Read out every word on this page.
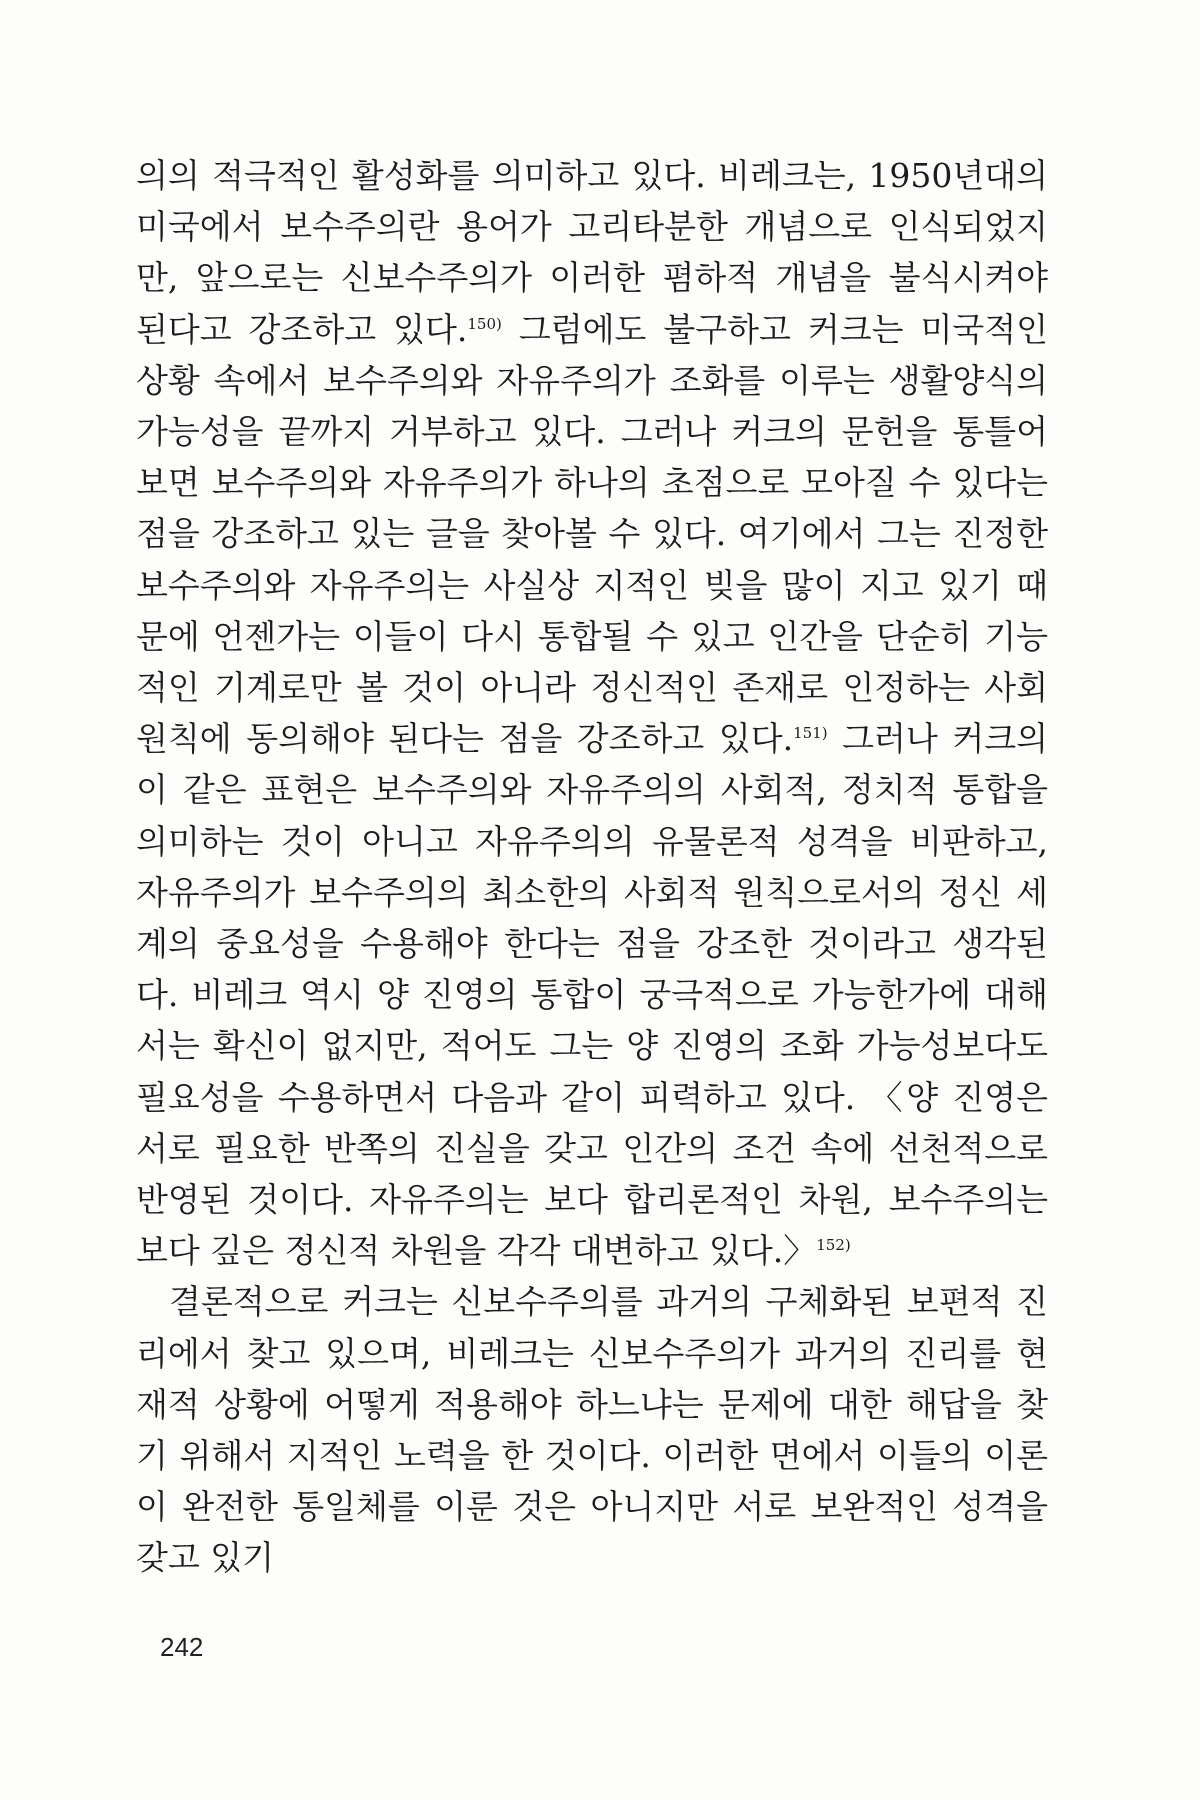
의의 적극적인 활성화를 의미하고 있다. 비레크는, 1950년대의 미국에서 보수주의란 용어가 고리타분한 개념으로 인식되었지만, 앞으로는 신보수주의가 이러한 폄하적 개념을 불식시켜야 된다고 강조하고 있다.$^{150)}$ 그럼에도 불구하고 커크는 미국적인 상황 속에서 보수주의와 자유주의가 조화를 이루는 생활양식의 가능성을 끝까지 거부하고 있다. 그러나 커크의 문헌을 통틀어 보면 보수주의와 자유주의가 하나의 초점으로 모아질 수 있다는 점을 강조하고 있는 글을 찾아볼 수 있다. 여기에서 그는 진정한 보수주의와 자유주의는 사실상 지적인 빚을 많이 지고 있기 때문에 언젠가는 이들이 다시 통합될 수 있고 인간을 단순히 기능적인 기계로만 볼 것이 아니라 정신적인 존재로 인정하는 사회 원칙에 동의해야 된다는 점을 강조하고 있다.$^{151)}$ 그러나 커크의 이 같은 표현은 보수주의와 자유주의의 사회적, 정치적 통합을 의미하는 것이 아니고 자유주의의 유물론적 성격을 비판하고, 자유주의가 보수주의의 최소한의 사회적 원칙으로서의 정신 세계의 중요성을 수용해야 한다는 점을 강조한 것이라고 생각된다. 비레크 역시 양 진영의 통합이 궁극적으로 가능한가에 대해서는 확신이 없지만, 적어도 그는 양 진영의 조화 가능성보다도 필요성을 수용하면서 다음과 같이 피력하고 있다. 〈양 진영은 서로 필요한 반쪽의 진실을 갖고 인간의 조건 속에 선천적으로 반영된 것이다. 자유주의는 보다 합리론적인 차원, 보수주의는 보다 깊은 정신적 차원을 각각 대변하고 있다.〉$^{152)}$

결론적으로 커크는 신보수주의를 과거의 구체화된 보편적 진리에서 찾고 있으며, 비레크는 신보수주의가 과거의 진리를 현재적 상황에 어떻게 적용해야 하느냐는 문제에 대한 해답을 찾기 위해서 지적인 노력을 한 것이다. 이러한 면에서 이들의 이론이 완전한 통일체를 이룬 것은 아니지만 서로 보완적인 성격을 갖고 있기

242
